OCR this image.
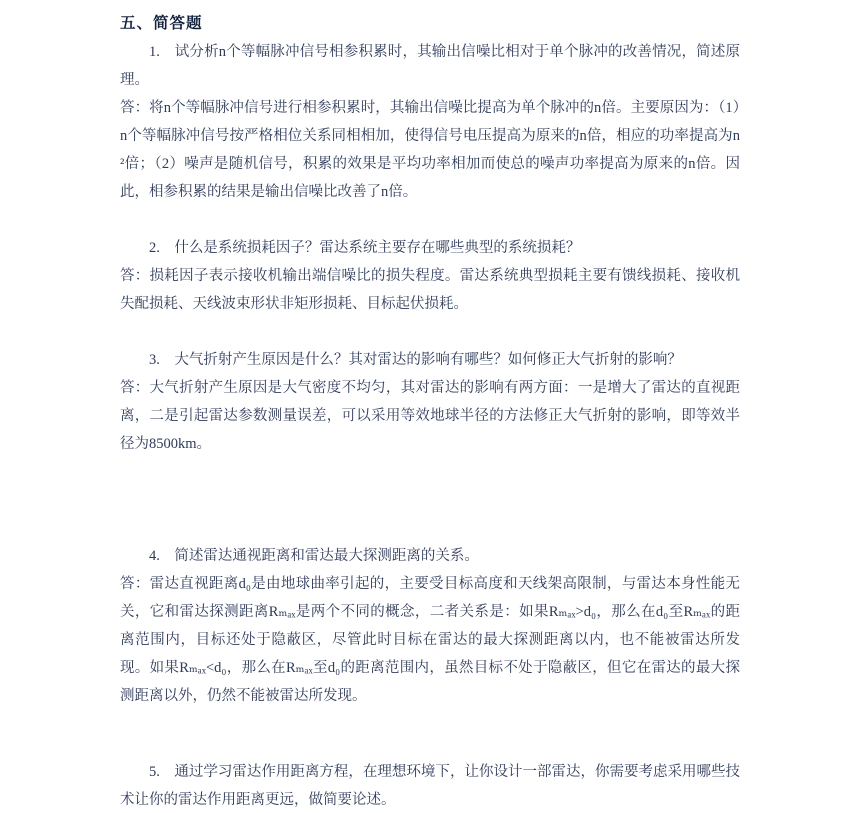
五、简答题

1.　试分析n个等幅脉冲信号相参积累时，其输出信噪比相对于单个脉冲的改善情况，简述原理。

答：将n个等幅脉冲信号进行相参积累时，其输出信噪比提高为单个脉冲的n倍。主要原因为：（1）n个等幅脉冲信号按严格相位关系同相相加，使得信号电压提高为原来的n倍，相应的功率提高为n²倍；（2）噪声是随机信号，积累的效果是平均功率相加而使总的噪声功率提高为原来的n倍。因此，相参积累的结果是输出信噪比改善了n倍。

2.　什么是系统损耗因子？雷达系统主要存在哪些典型的系统损耗？

答：损耗因子表示接收机输出端信噪比的损失程度。雷达系统典型损耗主要有馈线损耗、接收机失配损耗、天线波束形状非矩形损耗、目标起伏损耗。

3.　大气折射产生原因是什么？其对雷达的影响有哪些？如何修正大气折射的影响？

答：大气折射产生原因是大气密度不均匀，其对雷达的影响有两方面：一是增大了雷达的直视距离，二是引起雷达参数测量误差，可以采用等效地球半径的方法修正大气折射的影响，即等效半径为8500km。

4.　简述雷达通视距离和雷达最大探测距离的关系。

答：雷达直视距离d₀是由地球曲率引起的，主要受目标高度和天线架高限制，与雷达本身性能无关，它和雷达探测距离Rₘₐₓ是两个不同的概念，二者关系是：如果Rₘₐₓ>d₀，那么在d₀至Rₘₐₓ的距离范围内，目标还处于隐蔽区，尽管此时目标在雷达的最大探测距离以内，也不能被雷达所发现。如果Rₘₐₓ<d₀，那么在Rₘₐₓ至d₀的距离范围内，虽然目标不处于隐蔽区，但它在雷达的最大探测距离以外，仍然不能被雷达所发现。

5.　通过学习雷达作用距离方程，在理想环境下，让你设计一部雷达，你需要考虑采用哪些技术让你的雷达作用距离更远，做简要论述。
